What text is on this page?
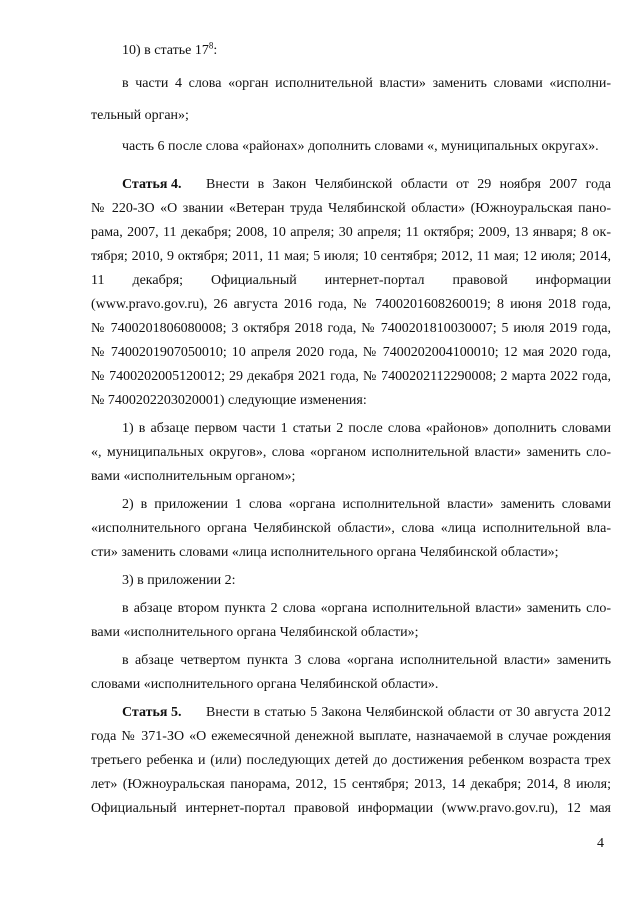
10) в статье $17^8$:

в части 4 слова «орган исполнительной власти» заменить словами «исполни-

тельный орган»;

часть 6 после слова «районах» дополнить словами «, муниципальных округах».

Статья 4. Внести в Закон Челябинской области от 29 ноября 2007 года

№ 220-ЗО «О звании «Ветеран труда Челябинской области» (Южноуральская пано-

рама, 2007, 11 декабря; 2008, 10 апреля; 30 апреля; 11 октября; 2009, 13 января; 8 ок-

тября; 2010, 9 октября; 2011, 11 мая; 5 июля; 10 сентября; 2012, 11 мая; 12 июля; 2014,

11 декабря; Официальный интернет-портал правовой информации

(www.pravo.gov.ru), 26 августа 2016 года, № 7400201608260019; 8 июня 2018 года,

№ 7400201806080008; 3 октября 2018 года, № 7400201810030007; 5 июля 2019 года,

№ 7400201907050010; 10 апреля 2020 года, № 7400202004100010; 12 мая 2020 года,

№ 7400202005120012; 29 декабря 2021 года, № 7400202112290008; 2 марта 2022 года,

№ 7400202203020001) следующие изменения:

1) в абзаце первом части 1 статьи 2 после слова «районов» дополнить словами

«, муниципальных округов», слова «органом исполнительной власти» заменить сло-

вами «исполнительным органом»;

2) в приложении 1 слова «органа исполнительной власти» заменить словами

«исполнительного органа Челябинской области», слова «лица исполнительной вла-

сти» заменить словами «лица исполнительного органа Челябинской области»;

3) в приложении 2:

в абзаце втором пункта 2 слова «органа исполнительной власти» заменить сло-

вами «исполнительного органа Челябинской области»;

в абзаце четвертом пункта 3 слова «органа исполнительной власти» заменить

словами «исполнительного органа Челябинской области».

Статья 5. Внести в статью 5 Закона Челябинской области от 30 августа 2012

года № 371-ЗО «О ежемесячной денежной выплате, назначаемой в случае рождения

третьего ребенка и (или) последующих детей до достижения ребенком возраста трех

4

лет» (Южноуральская панорама, 2012, 15 сентября; 2013, 14 декабря; 2014, 8 июля;

Официальный интернет-портал правовой информации (www.pravo.gov.ru), 12 мая
